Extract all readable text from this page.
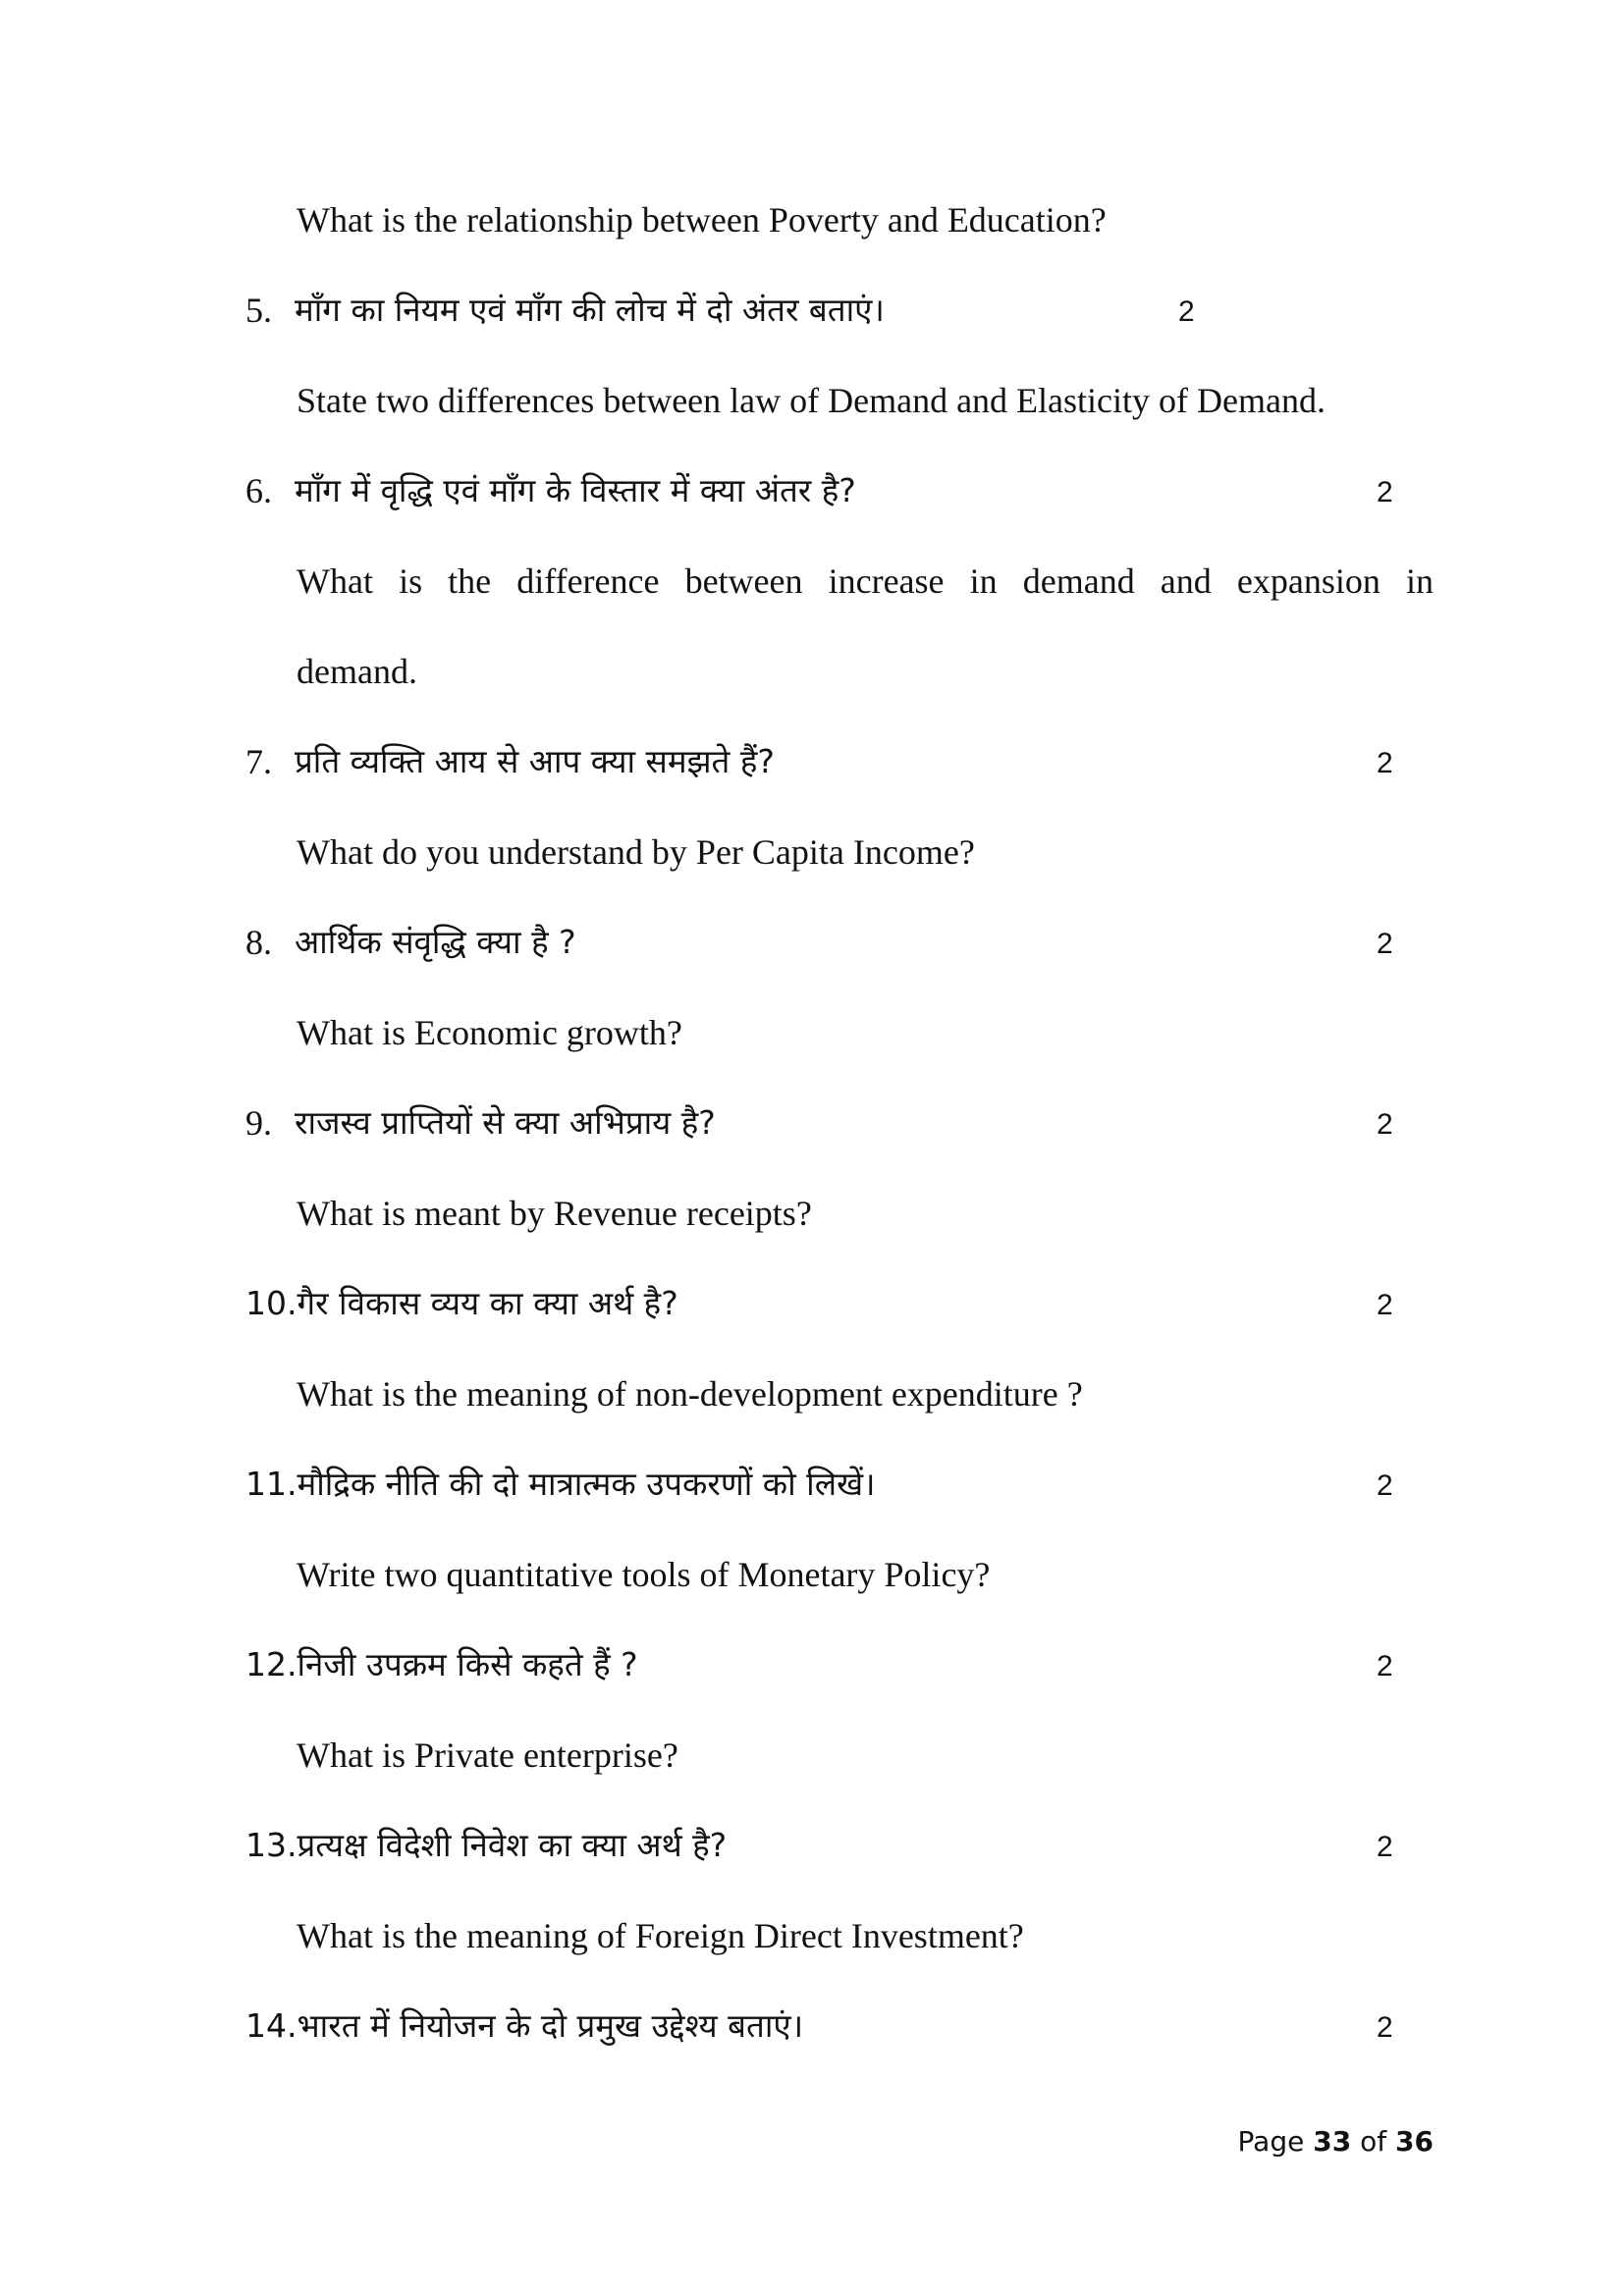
What is the relationship between Poverty and Education?
5. माँग का नियम एवं माँग की लोच में दो अंतर बताएं।	2
State two differences between law of Demand and Elasticity of Demand.
6. माँग में वृद्धि एवं माँग के विस्तार में क्या अंतर है?	2
What is the difference between increase in demand and expansion in
demand.
7. प्रति व्यक्ति आय से आप क्या समझते हैं?	2
What do you understand by Per Capita Income?
8. आर्थिक संवृद्धि क्या है ?	2
What is Economic growth?
9. राजस्व प्राप्तियों से क्या अभिप्राय है?	2
What is meant by Revenue receipts?
10.गैर विकास व्यय का क्या अर्थ है?	2
What is the meaning of non-development expenditure ?
11.मौद्रिक नीति की दो मात्रात्मक उपकरणों को लिखें।	2
Write two quantitative tools of Monetary Policy?
12.निजी उपक्रम किसे कहते हैं ?	2
What is Private enterprise?
13.प्रत्यक्ष विदेशी निवेश का क्या अर्थ है?	2
What is the meaning of Foreign Direct Investment?
14.भारत में नियोजन के दो प्रमुख उद्देश्य बताएं।	2
Page 33 of 36
